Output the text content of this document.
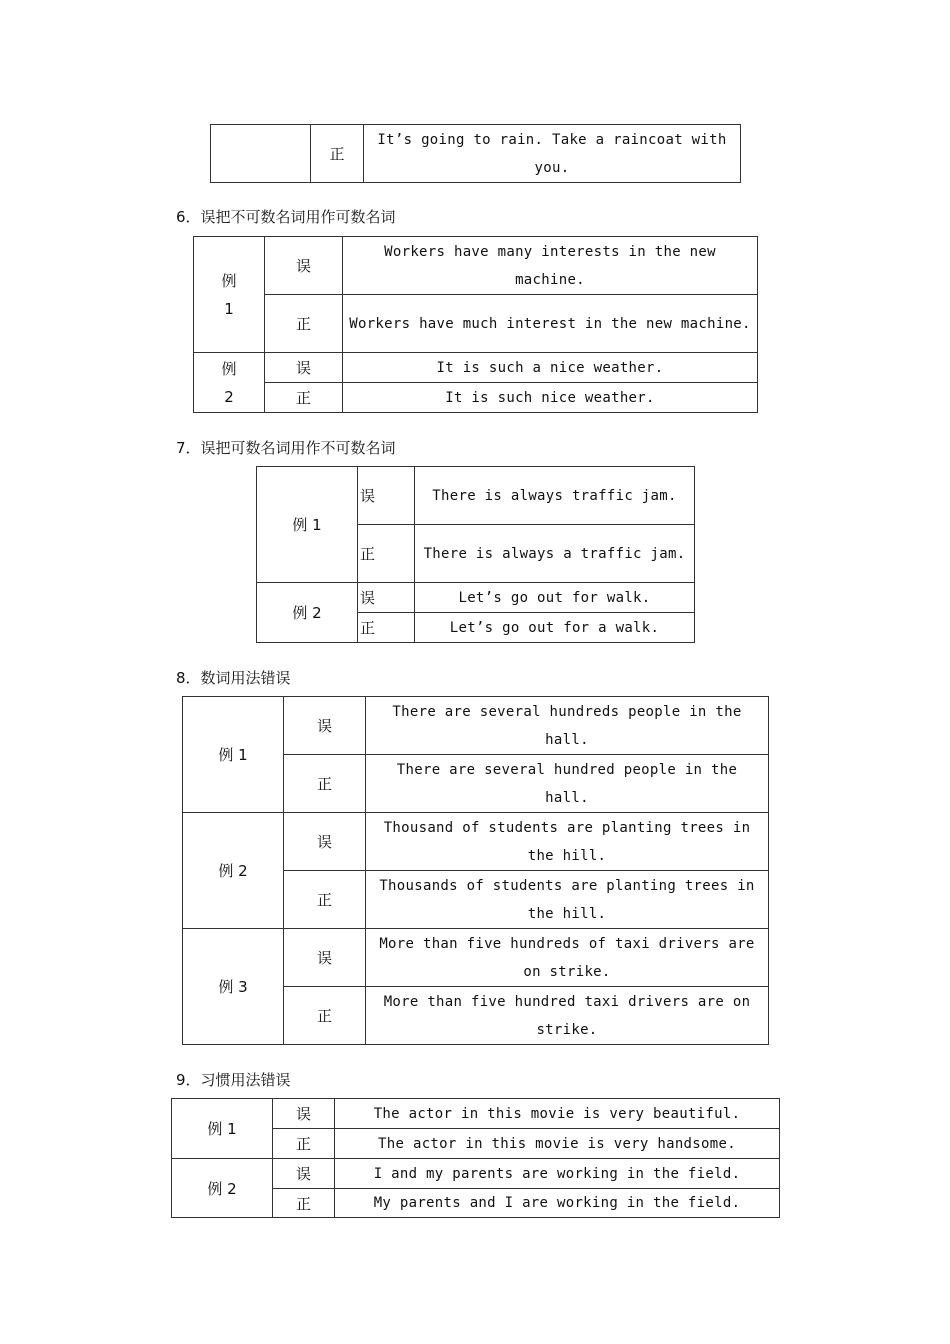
	正	It’s going to rain. Take a raincoat with you.
6．误把不可数名词用作可数名词
例
1	误	Workers have many interests in the new machine.
	正	Workers have much interest in the new machine.
例
2	误	It is such a nice weather.
	正	It is such nice weather.
7．误把可数名词用作不可数名词
例 1	误	There is always traffic jam.
	正	There is always a traffic jam.
例 2	误	Let’s go out for walk.
	正	Let’s go out for a walk.
8．数词用法错误
例 1	误	There are several hundreds people in the hall.
	正	There are several hundred people in the hall.
例 2	误	Thousand of students are planting trees in the hill.
	正	Thousands of students are planting trees in the hill.
例 3	误	More than five hundreds of taxi drivers are on strike.
	正	More than five hundred taxi drivers are on strike.
9．习惯用法错误
例 1	误	The actor in this movie is very beautiful.
	正	The actor in this movie is very handsome.
例 2	误	I and my parents are working in the field.
	正	My parents and I are working in the field.
